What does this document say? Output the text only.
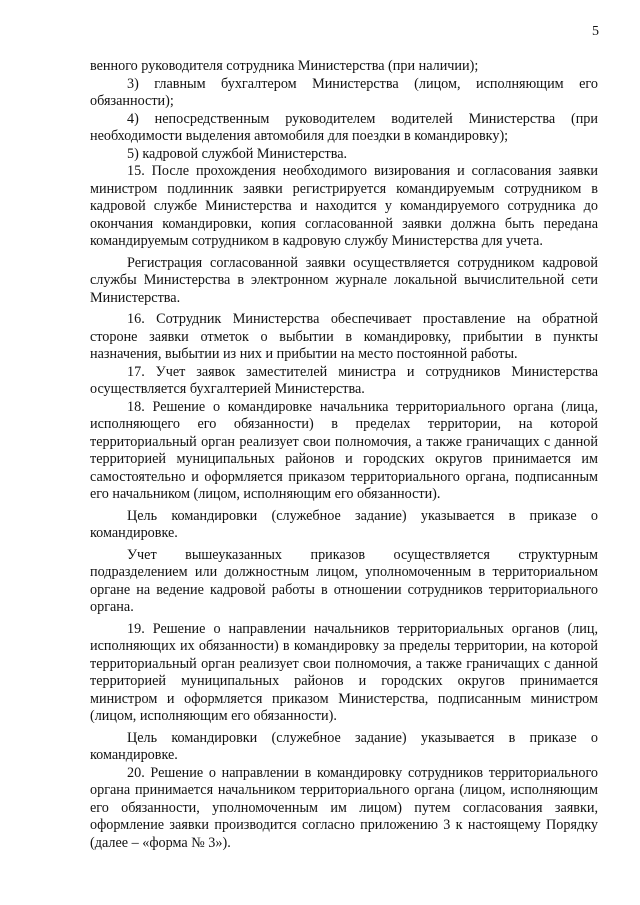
5

венного руководителя сотрудника Министерства (при наличии);

3) главным бухгалтером Министерства (лицом, исполняющим его обязанности);

4) непосредственным руководителем водителей Министерства (при необходимости выделения автомобиля для поездки в командировку);

5) кадровой службой Министерства.

15. После прохождения необходимого визирования и согласования заявки министром подлинник заявки регистрируется командируемым сотрудником в кадровой службе Министерства и находится у командируемого сотрудника до окончания командировки, копия согласованной заявки должна быть передана командируемым сотрудником в кадровую службу Министерства для учета.

Регистрация согласованной заявки осуществляется сотрудником кадровой службы Министерства в электронном журнале локальной вычислительной сети Министерства.

16. Сотрудник Министерства обеспечивает проставление на обратной стороне заявки отметок о выбытии в командировку, прибытии в пункты назначения, выбытии из них и прибытии на место постоянной работы.

17. Учет заявок заместителей министра и сотрудников Министерства осуществляется бухгалтерией Министерства.

18. Решение о командировке начальника территориального органа (лица, исполняющего его обязанности) в пределах территории, на которой территориальный орган реализует свои полномочия, а также граничащих с данной территорией муниципальных районов и городских округов принимается им самостоятельно и оформляется приказом территориального органа, подписанным его начальником (лицом, исполняющим его обязанности).

Цель командировки (служебное задание) указывается в приказе о командировке.

Учет вышеуказанных приказов осуществляется структурным подразделением или должностным лицом, уполномоченным в территориальном органе на ведение кадровой работы в отношении сотрудников территориального органа.

19. Решение о направлении начальников территориальных органов (лиц, исполняющих их обязанности) в командировку за пределы территории, на которой территориальный орган реализует свои полномочия, а также граничащих с данной территорией муниципальных районов и городских округов принимается министром и оформляется приказом Министерства, подписанным министром (лицом, исполняющим его обязанности).

Цель командировки (служебное задание) указывается в приказе о командировке.

20. Решение о направлении в командировку сотрудников территориального органа принимается начальником территориального органа (лицом, исполняющим его обязанности, уполномоченным им лицом) путем согласования заявки, оформление заявки производится согласно приложению 3 к настоящему Порядку (далее – «форма № 3»).
